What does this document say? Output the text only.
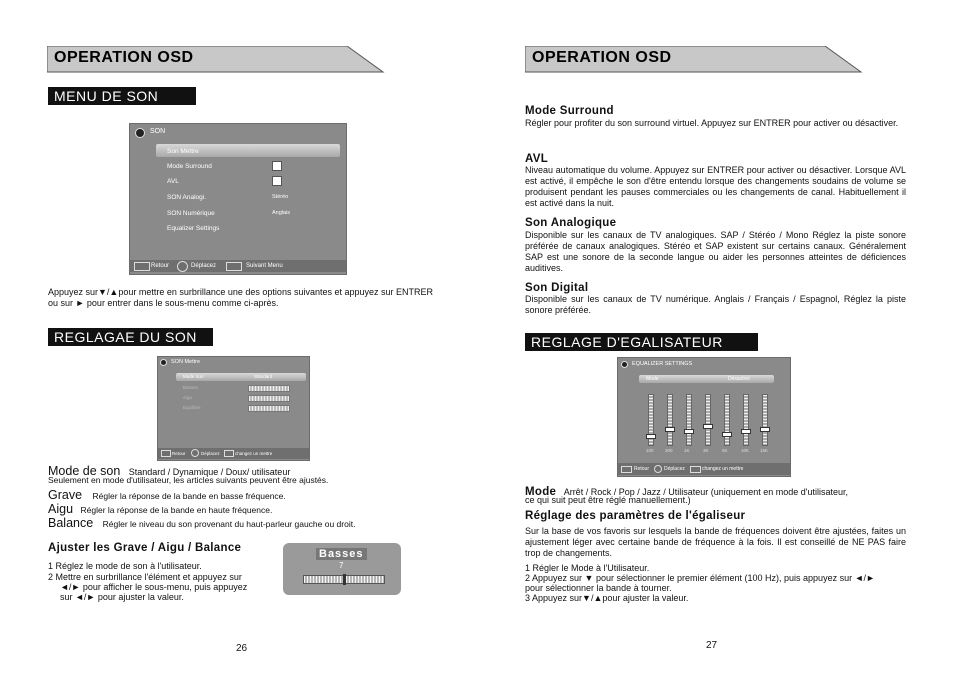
OPERATION OSD
MENU DE SON
SON
Son Mettre
Mode Surround
AVL
SON Analogi.	Stéréo
SON Numérique	Anglais
Equalizer Settings
Retour	Déplacez	Suivant Menu
Appuyez sur▼/▲pour mettre en surbrillance une des options suivantes et appuyez sur ENTRER ou sur ► pour entrer dans le sous-menu comme ci-après.
REGLAGAE DU SON
SON Mettre
Mode Son	Standard
Basses
Aigu
Equilibre
Retour	Déplacez	changez un mettre
Mode de son Standard / Dynamique / Doux/ utilisateur
Seulement en mode d'utilisateur, les articles suivants peuvent être ajustés.
Grave Régler la réponse de la bande en basse fréquence.
Aigu Régler la réponse de la bande en haute fréquence.
Balance Régler le niveau du son provenant du haut-parleur gauche ou droit.
Ajuster les Grave / Aigu / Balance
1 Réglez le mode de son à l'utilisateur.
2 Mettre en surbrillance l'élément et appuyez sur
◄/► pour afficher le sous-menu, puis appuyez
sur ◄/► pour ajuster la valeur.
Basses
7
26
OPERATION OSD
Mode Surround
Régler pour profiter du son surround virtuel. Appuyez sur ENTRER pour activer ou désactiver.
AVL
Niveau automatique du volume. Appuyez sur ENTRER pour activer ou désactiver. Lorsque AVL est activé, il empêche le son d'être entendu lorsque des changements soudains de volume se produisent pendant les pauses commerciales ou les changements de canal. Habituellement il est activé dans la nuit.
Son Analogique
Disponible sur les canaux de TV analogiques. SAP / Stéréo / Mono Réglez la piste sonore préférée de canaux analogiques. Stéréo et SAP existent sur certains canaux. Généralement SAP est une sonore de la seconde langue ou aider les personnes atteintes de déficiences auditives.
Son Digital
Disponible sur les canaux de TV numérique. Anglais / Français / Espagnol, Réglez la piste sonore préférée.
REGLAGE D'EGALISATEUR
EQUALIZER SETTINGS
Mode	Désactivé
100	300	1K	3K	5K	10K 15K
Retour	Déplacez	changez un mettre
Mode Arrêt / Rock / Pop / Jazz / Utilisateur (uniquement en mode d'utilisateur,
ce qui suit peut être réglé manuellement.)
Réglage des paramètres de l'égaliseur
Sur la base de vos favoris sur lesquels la bande de fréquences doivent être ajustées, faites un ajustement léger avec certaine bande de fréquence à la fois. Il est conseillé de NE PAS faire trop de changements.
1 Régler le Mode à l'Utilisateur.
2 Appuyez sur ▼ pour sélectionner le premier élément (100 Hz), puis appuyez sur ◄/►
pour sélectionner la bande à tourner.
3 Appuyez sur▼/▲pour ajuster la valeur.
27
